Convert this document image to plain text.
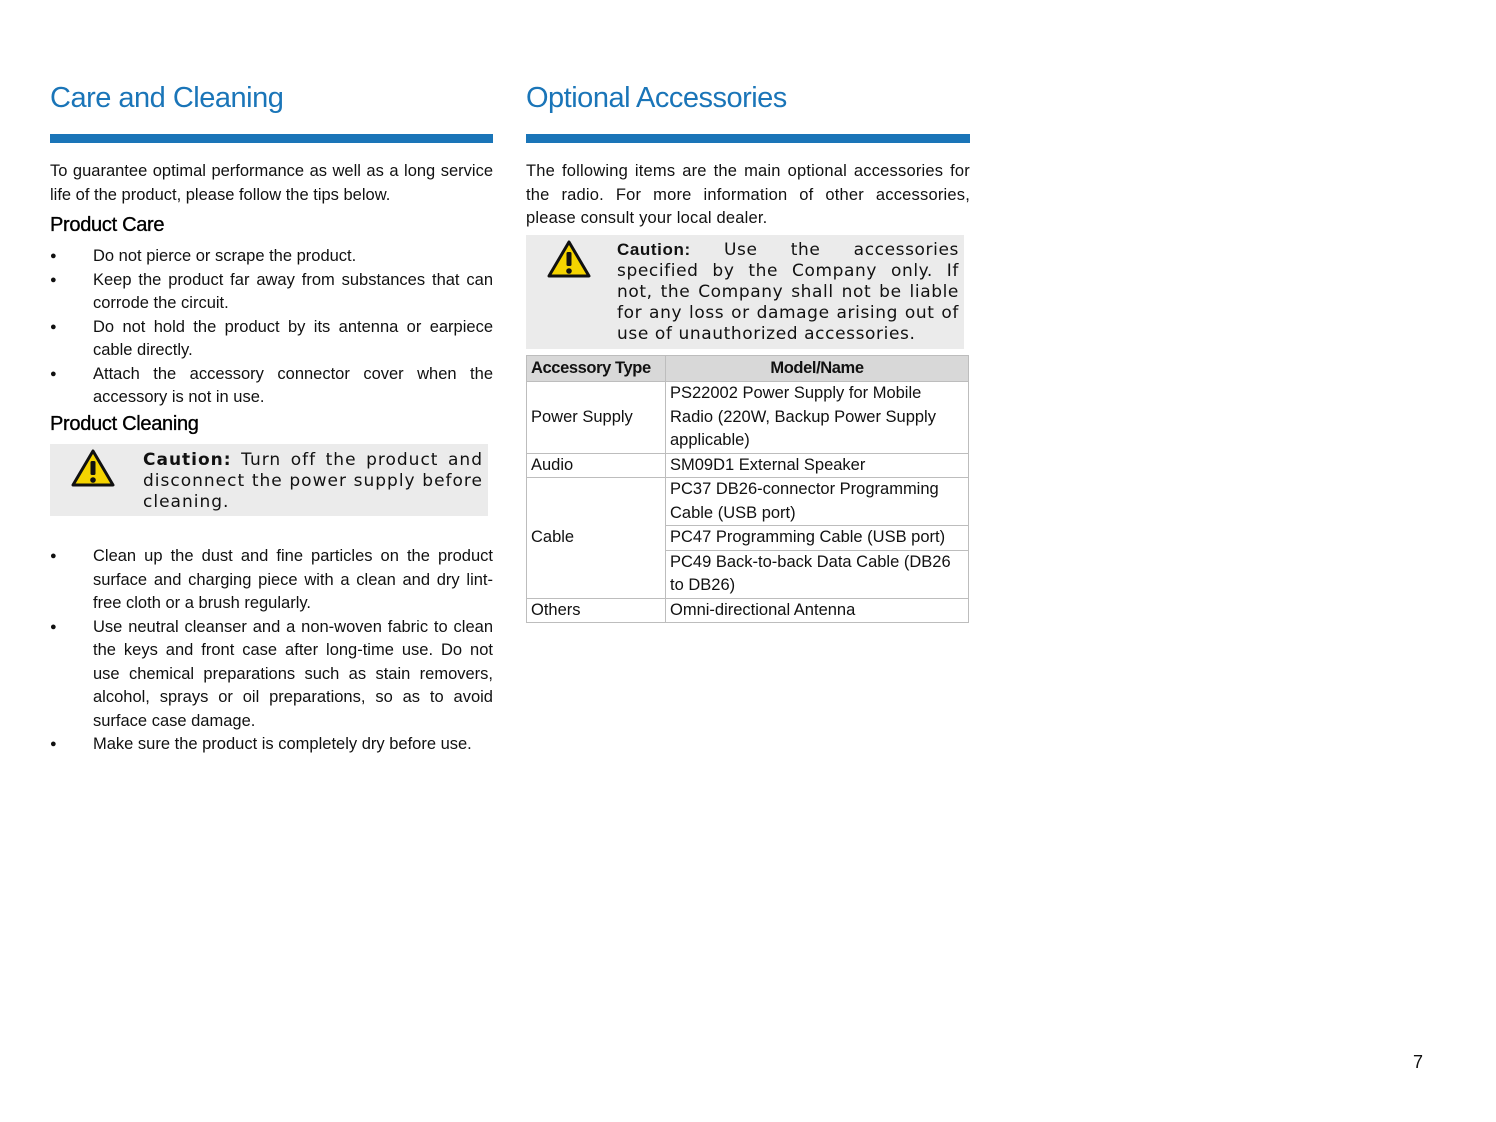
Care and Cleaning

To guarantee optimal performance as well as a long service life of the product, please follow the tips below.

Product Care
● Do not pierce or scrape the product.
● Keep the product far away from substances that can corrode the circuit.
● Do not hold the product by its antenna or earpiece cable directly.
● Attach the accessory connector cover when the accessory is not in use.
Product Cleaning

Caution: Turn off the product and disconnect the power supply before cleaning.

● Clean up the dust and fine particles on the product surface and charging piece with a clean and dry lint-free cloth or a brush regularly.
● Use neutral cleanser and a non-woven fabric to clean the keys and front case after long-time use. Do not use chemical preparations such as stain removers, alcohol, sprays or oil preparations, so as to avoid surface case damage.
● Make sure the product is completely dry before use.
Optional Accessories

The following items are the main optional accessories for the radio. For more information of other accessories, please consult your local dealer.

Caution: Use the accessories specified by the Company only. If not, the Company shall not be liable for any loss or damage arising out of use of unauthorized accessories.

Accessory Type	Model/Name
Power Supply	PS22002 Power Supply for Mobile Radio (220W, Backup Power Supply applicable)
Audio	SM09D1 External Speaker
Cable	PC37 DB26-connector Programming Cable (USB port)
	PC47 Programming Cable (USB port)
	PC49 Back-to-back Data Cable (DB26 to DB26)
Others	Omni-directional Antenna
7
